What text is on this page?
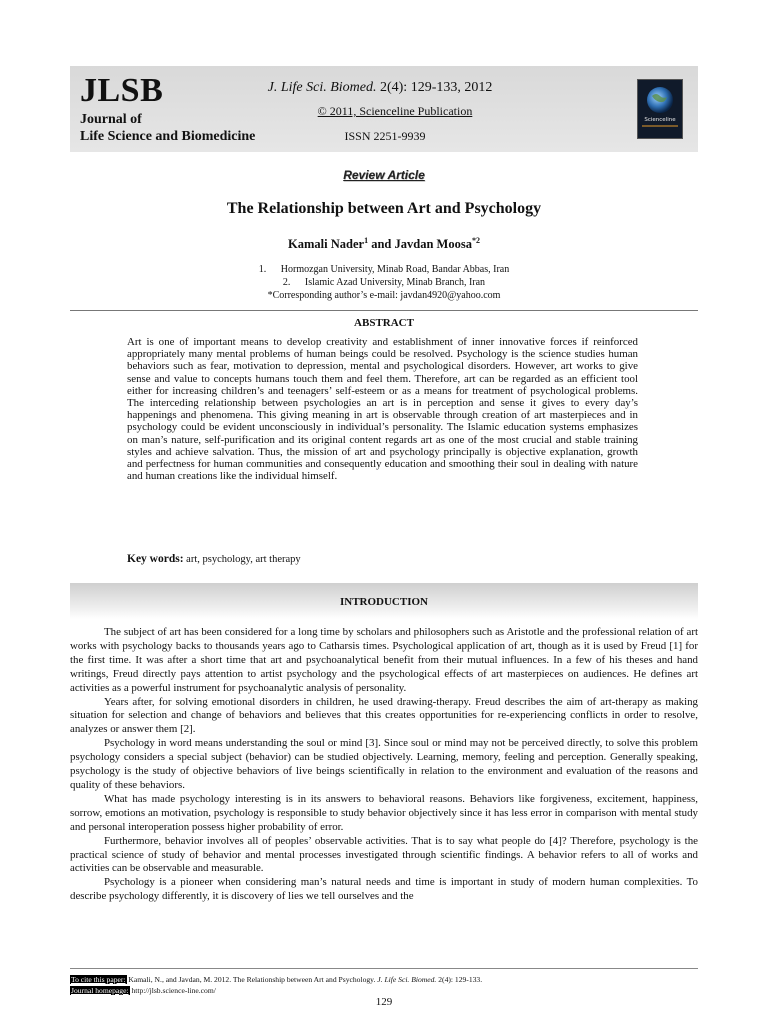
JLSB
Journal of
Life Science and Biomedicine
J. Life Sci. Biomed. 2(4): 129-133, 2012
© 2011, Scienceline Publication
ISSN 2251-9939
Scienceline
Review Article
The Relationship between Art and Psychology
Kamali Nader$^1$ and Javdan Moosa$^{*2}$
1. Hormozgan University, Minab Road, Bandar Abbas, Iran
2. Islamic Azad University, Minab Branch, Iran
*Corresponding author’s e-mail: javdan4920@yahoo.com
ABSTRACT
Art is one of important means to develop creativity and establishment of inner innovative forces if reinforced appropriately many mental problems of human beings could be resolved. Psychology is the science studies human behaviors such as fear, motivation to depression, mental and psychological disorders. However, art works to give sense and value to concepts humans touch them and feel them. Therefore, art can be regarded as an efficient tool either for increasing children’s and teenagers’ self-esteem or as a means for treatment of psychological problems. The interceding relationship between psychologies an art is in perception and sense it gives to every day’s happenings and phenomena. This giving meaning in art is observable through creation of art masterpieces and in psychology could be evident unconsciously in individual’s personality. The Islamic education systems emphasizes on man’s nature, self-purification and its original content regards art as one of the most crucial and stable training styles and achieve salvation. Thus, the mission of art and psychology principally is objective explanation, growth and perfectness for human communities and consequently education and smoothing their soul in dealing with nature and human creations like the individual himself.
Key words: art, psychology, art therapy
INTRODUCTION

The subject of art has been considered for a long time by scholars and philosophers such as Aristotle and the professional relation of art works with psychology backs to thousands years ago to Catharsis times. Psychological application of art, though as it is used by Freud [1] for the first time. It was after a short time that art and psychoanalytical benefit from their mutual influences. In a few of his theses and hand writings, Freud directly pays attention to artist psychology and the psychological effects of art masterpieces on audiences. He defines art activities as a powerful instrument for psychoanalytic analysis of personality.

Years after, for solving emotional disorders in children, he used drawing-therapy. Freud describes the aim of art-therapy as making situation for selection and change of behaviors and believes that this creates opportunities for re-experiencing conflicts in order to resolve, analyzes or answer them [2].

Psychology in word means understanding the soul or mind [3]. Since soul or mind may not be perceived directly, to solve this problem psychology considers a special subject (behavior) can be studied objectively. Learning, memory, feeling and perception. Generally speaking, psychology is the study of objective behaviors of live beings scientifically in relation to the environment and evaluation of the reasons and quality of these behaviors.

What has made psychology interesting is in its answers to behavioral reasons. Behaviors like forgiveness, excitement, happiness, sorrow, emotions an motivation, psychology is responsible to study behavior objectively since it has less error in comparison with mental study and personal interoperation possess higher probability of error.

Furthermore, behavior involves all of peoples’ observable activities. That is to say what people do [4]? Therefore, psychology is the practical science of study of behavior and mental processes investigated through scientific findings. A behavior refers to all of works and activities can be observable and measurable.

Psychology is a pioneer when considering man’s natural needs and time is important in study of modern human complexities. To describe psychology differently, it is discovery of lies we tell ourselves and the

To cite this paper: Kamali, N., and Javdan, M. 2012. The Relationship between Art and Psychology. J. Life Sci. Biomed. 2(4): 129-133.
Journal homepage: http://jlsb.science-line.com/
129
